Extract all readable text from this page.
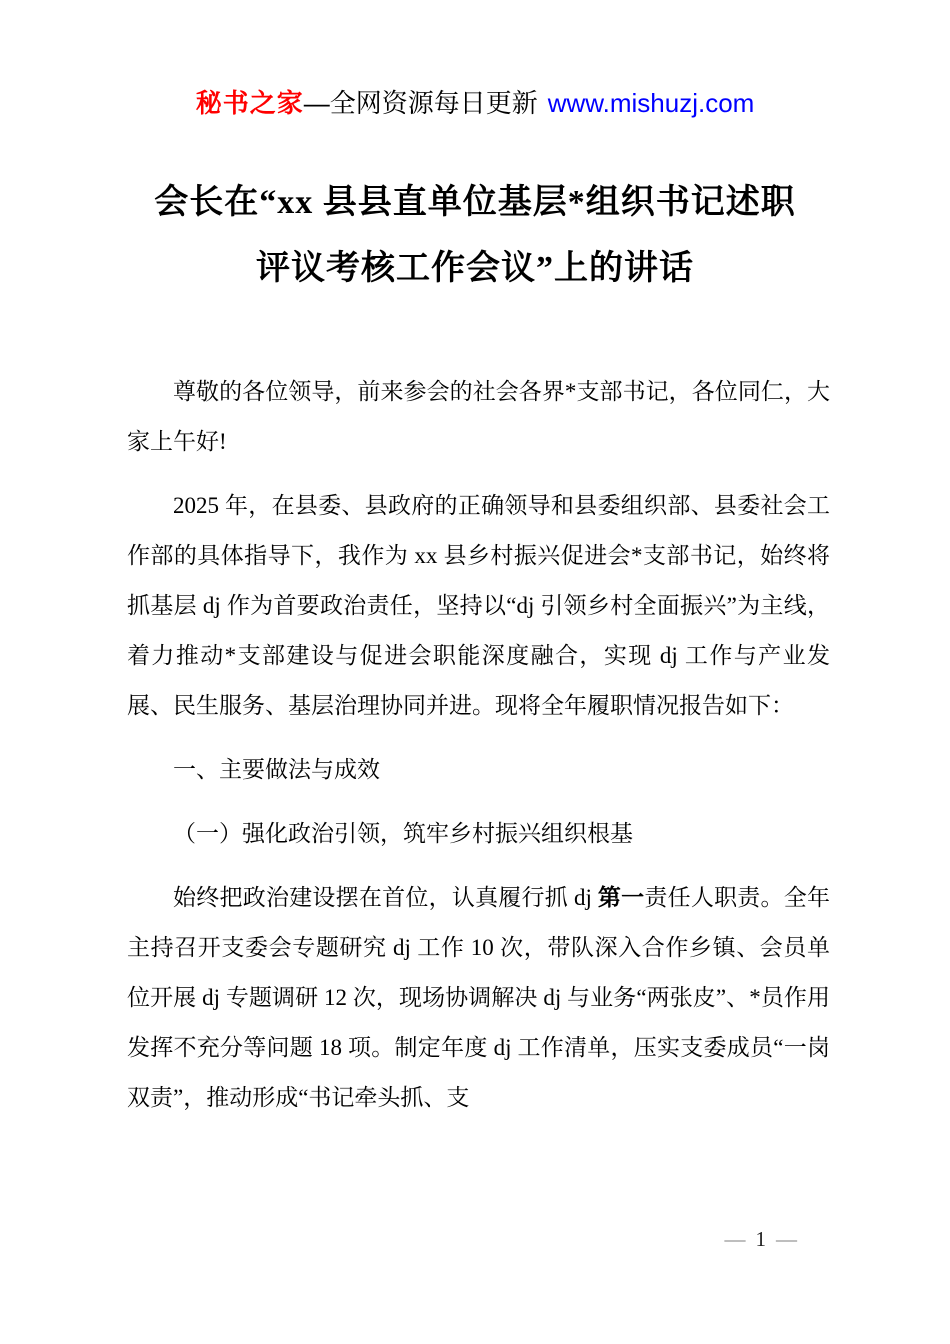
秘书之家—全网资源每日更新 www.mishuzj.com
会长在“xx 县县直单位基层*组织书记述职
评议考核工作会议”上的讲话

尊敬的各位领导，前来参会的社会各界*支部书记，各位同仁，大家上午好!

2025 年，在县委、县政府的正确领导和县委组织部、县委社会工作部的具体指导下，我作为 xx 县乡村振兴促进会*支部书记，始终将抓基层 dj 作为首要政治责任，坚持以“dj 引领乡村全面振兴”为主线，着力推动*支部建设与促进会职能深度融合，实现 dj 工作与产业发展、民生服务、基层治理协同并进。现将全年履职情况报告如下：

一、主要做法与成效

（一）强化政治引领，筑牢乡村振兴组织根基

始终把政治建设摆在首位，认真履行抓 dj 第一责任人职责。全年主持召开支委会专题研究 dj 工作 10 次，带队深入合作乡镇、会员单位开展 dj 专题调研 12 次，现场协调解决 dj 与业务“两张皮”、*员作用发挥不充分等问题 18 项。制定年度 dj 工作清单，压实支委成员“一岗双责”，推动形成“书记牵头抓、支

— 1 —
